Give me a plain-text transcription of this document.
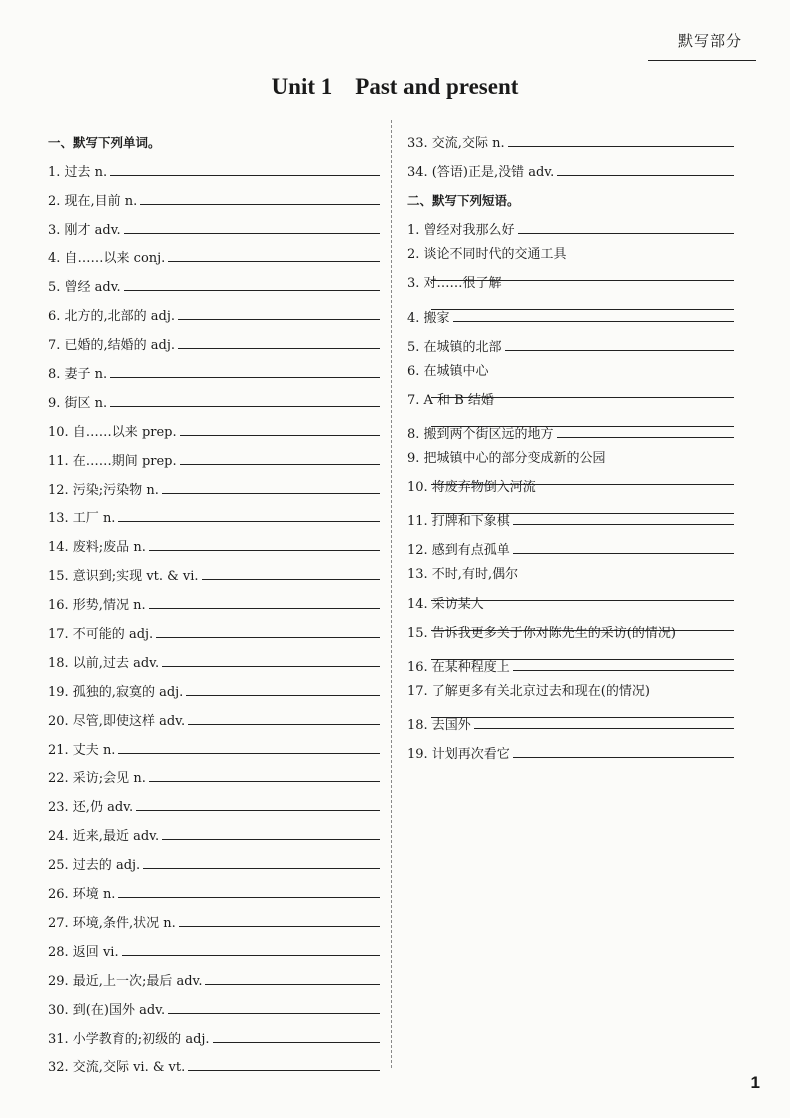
默写部分
Unit 1    Past and present
一、默写下列单词。
1. 过去 n.
2. 现在,目前 n.
3. 刚才 adv.
4. 自……以来 conj.
5. 曾经 adv.
6. 北方的,北部的 adj.
7. 已婚的,结婚的 adj.
8. 妻子 n.
9. 街区 n.
10. 自……以来 prep.
11. 在……期间 prep.
12. 污染;污染物 n.
13. 工厂 n.
14. 废料;废品 n.
15. 意识到;实现 vt. & vi.
16. 形势,情况 n.
17. 不可能的 adj.
18. 以前,过去 adv.
19. 孤独的,寂寞的 adj.
20. 尽管,即使这样 adv.
21. 丈夫 n.
22. 采访;会见 n.
23. 还,仍 adv.
24. 近来,最近 adv.
25. 过去的 adj.
26. 环境 n.
27. 环境,条件,状况 n.
28. 返回 vi.
29. 最近,上一次;最后 adv.
30. 到(在)国外 adv.
31. 小学教育的;初级的 adj.
32. 交流,交际 vi. & vt.
33. 交流,交际 n.
34. (答语)正是,没错 adv.
二、默写下列短语。
1. 曾经对我那么好
2. 谈论不同时代的交通工具
3. 对……很了解
4. 搬家
5. 在城镇的北部
6. 在城镇中心
7. A 和 B 结婚
8. 搬到两个街区远的地方
9. 把城镇中心的部分变成新的公园
10. 将废弃物倒入河流
11. 打牌和下象棋
12. 感到有点孤单
13. 不时,有时,偶尔
14. 采访某人
15. 告诉我更多关于你对陈先生的采访(的情况)
16. 在某种程度上
17. 了解更多有关北京过去和现在(的情况)
18. 去国外
19. 计划再次看它
1
